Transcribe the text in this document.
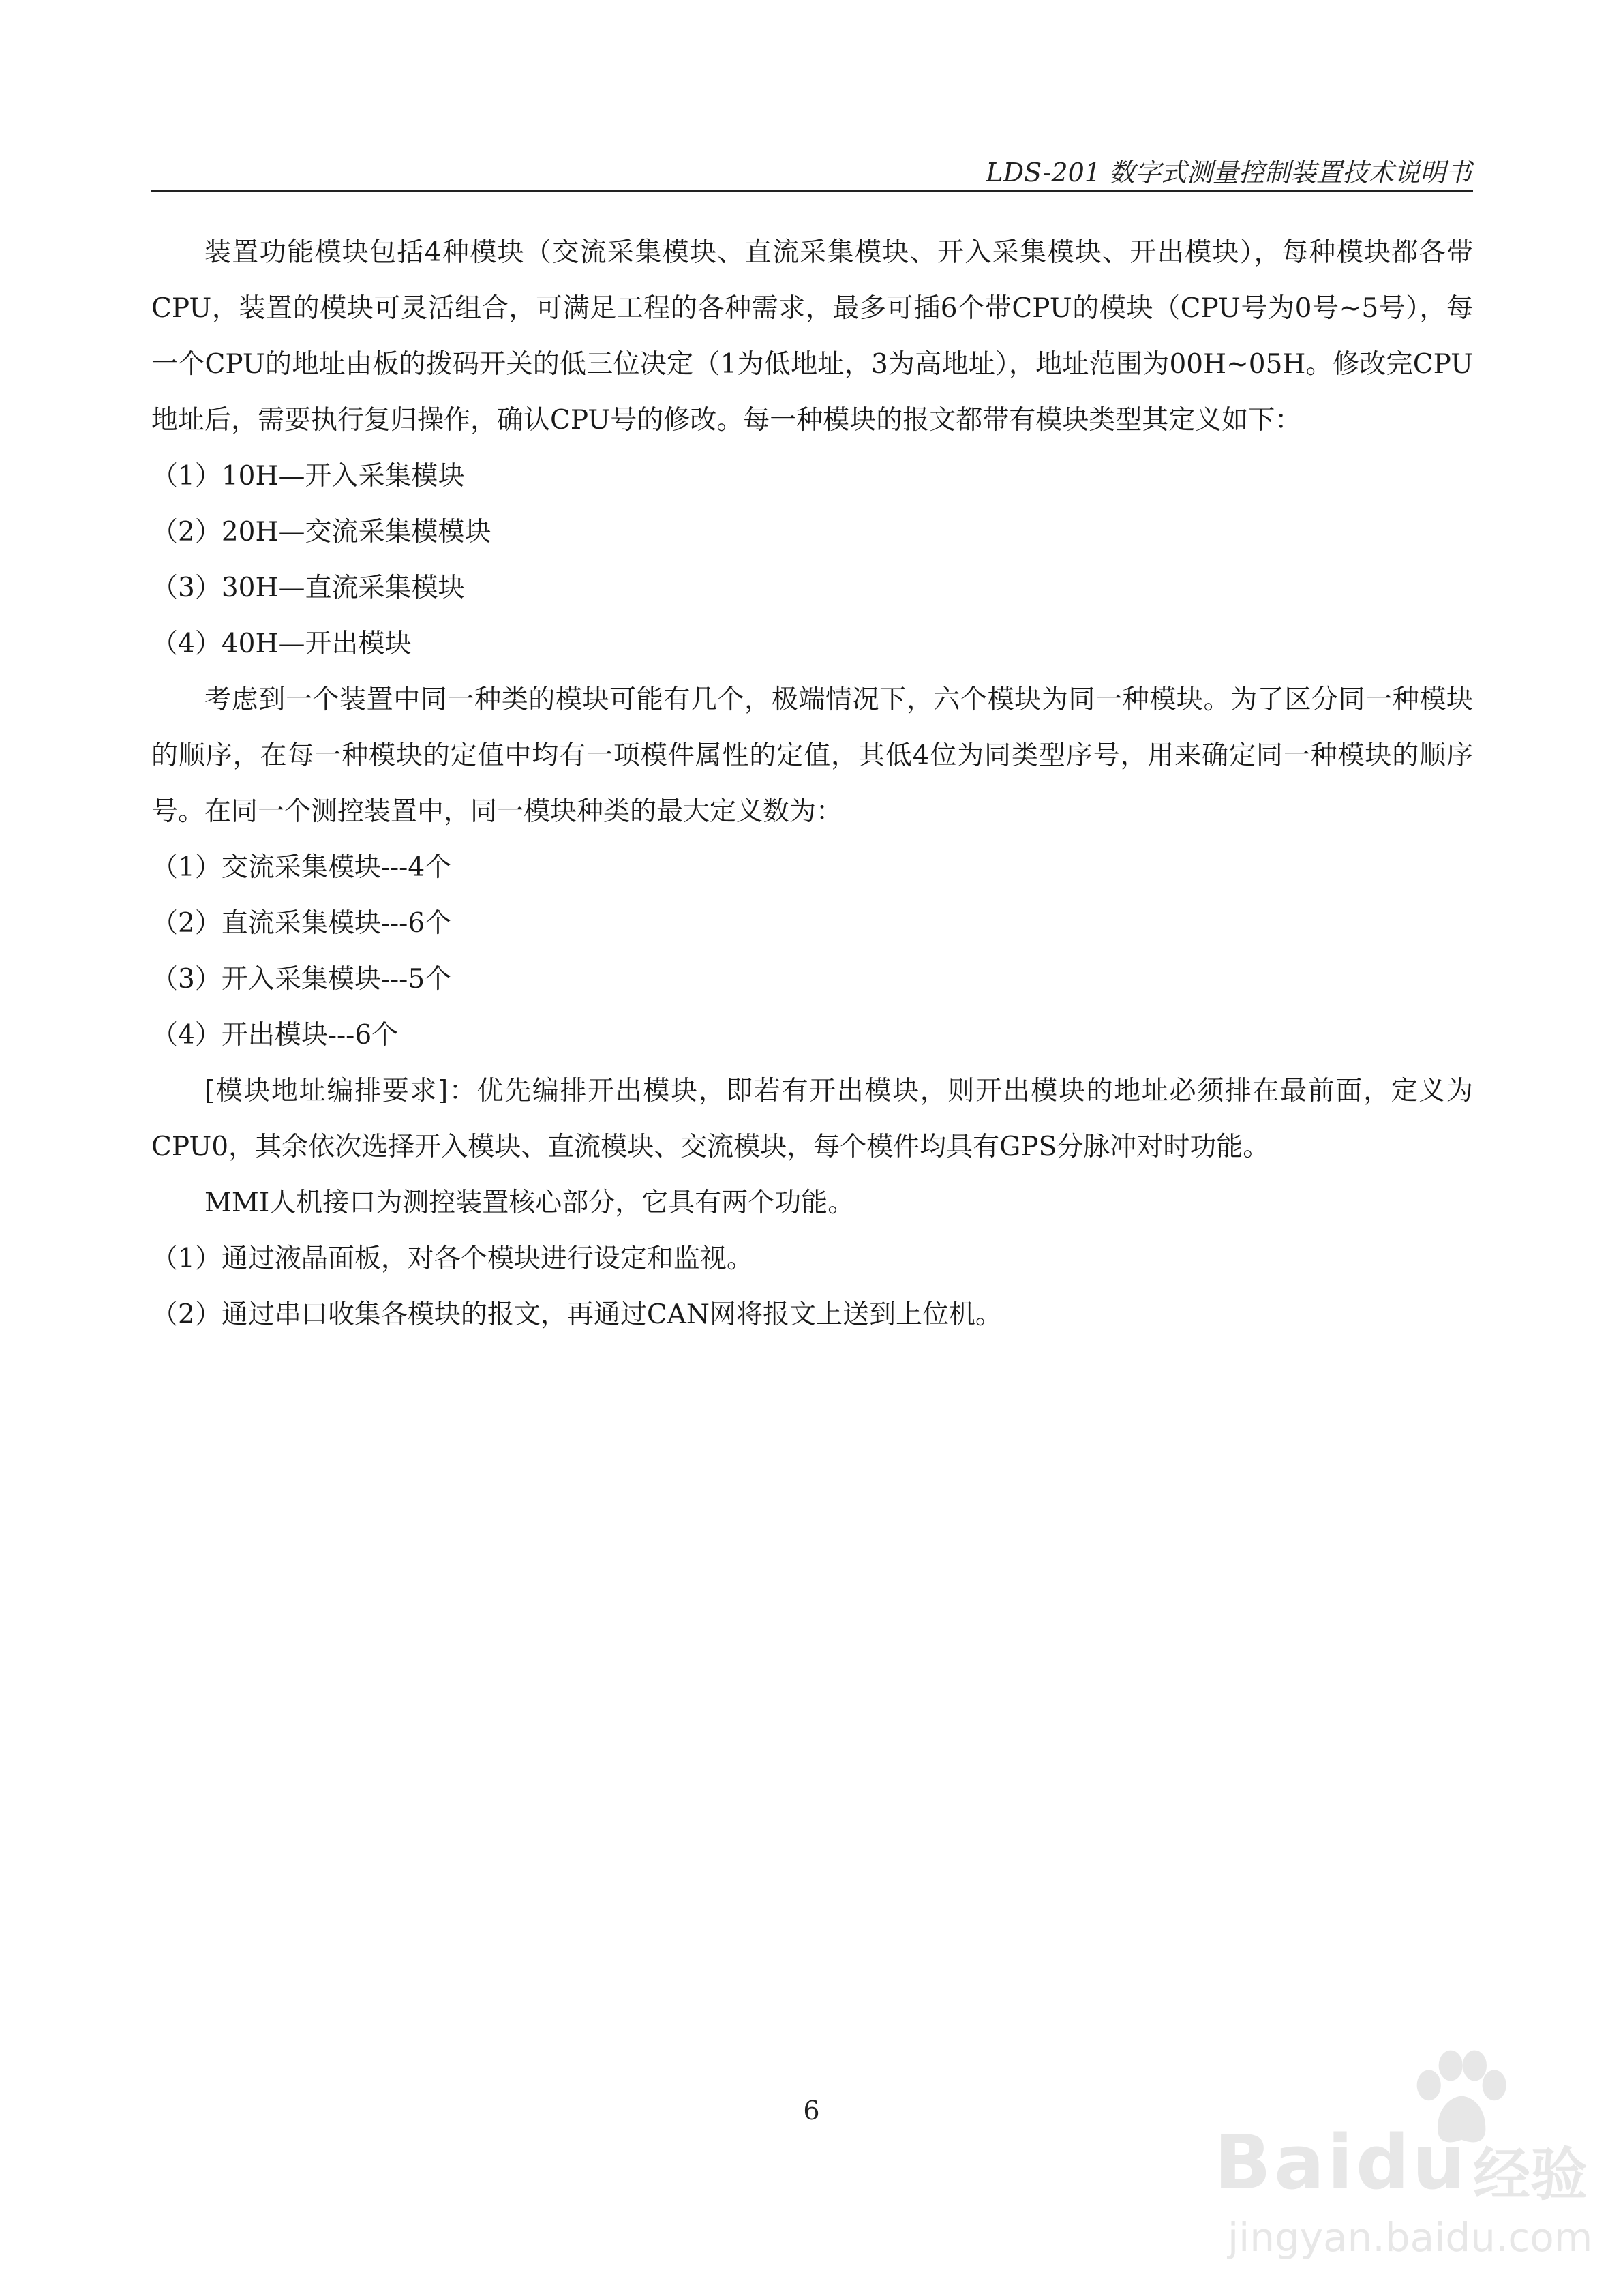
LDS-201 数字式测量控制装置技术说明书

装置功能模块包括4种模块（交流采集模块、直流采集模块、开入采集模块、开出模块），每种模块都各带CPU，装置的模块可灵活组合，可满足工程的各种需求，最多可插6个带CPU的模块（CPU号为0号~5号），每一个CPU的地址由板的拨码开关的低三位决定（1为低地址，3为高地址），地址范围为00H~05H。修改完CPU地址后，需要执行复归操作，确认CPU号的修改。每一种模块的报文都带有模块类型其定义如下：

（1）10H—开入采集模块

（2）20H—交流采集模模块

（3）30H—直流采集模块

（4）40H—开出模块

考虑到一个装置中同一种类的模块可能有几个，极端情况下，六个模块为同一种模块。为了区分同一种模块的顺序，在每一种模块的定值中均有一项模件属性的定值，其低4位为同类型序号，用来确定同一种模块的顺序号。在同一个测控装置中，同一模块种类的最大定义数为：

（1）交流采集模块---4个

（2）直流采集模块---6个

（3）开入采集模块---5个

（4）开出模块---6个

[模块地址编排要求]：优先编排开出模块，即若有开出模块，则开出模块的地址必须排在最前面，定义为CPU0，其余依次选择开入模块、直流模块、交流模块，每个模件均具有GPS分脉冲对时功能。

MMI人机接口为测控装置核心部分，它具有两个功能。

（1）通过液晶面板，对各个模块进行设定和监视。

（2）通过串口收集各模块的报文，再通过CAN网将报文上送到上位机。

6
Baidu 经验
jingyan.baidu.com
